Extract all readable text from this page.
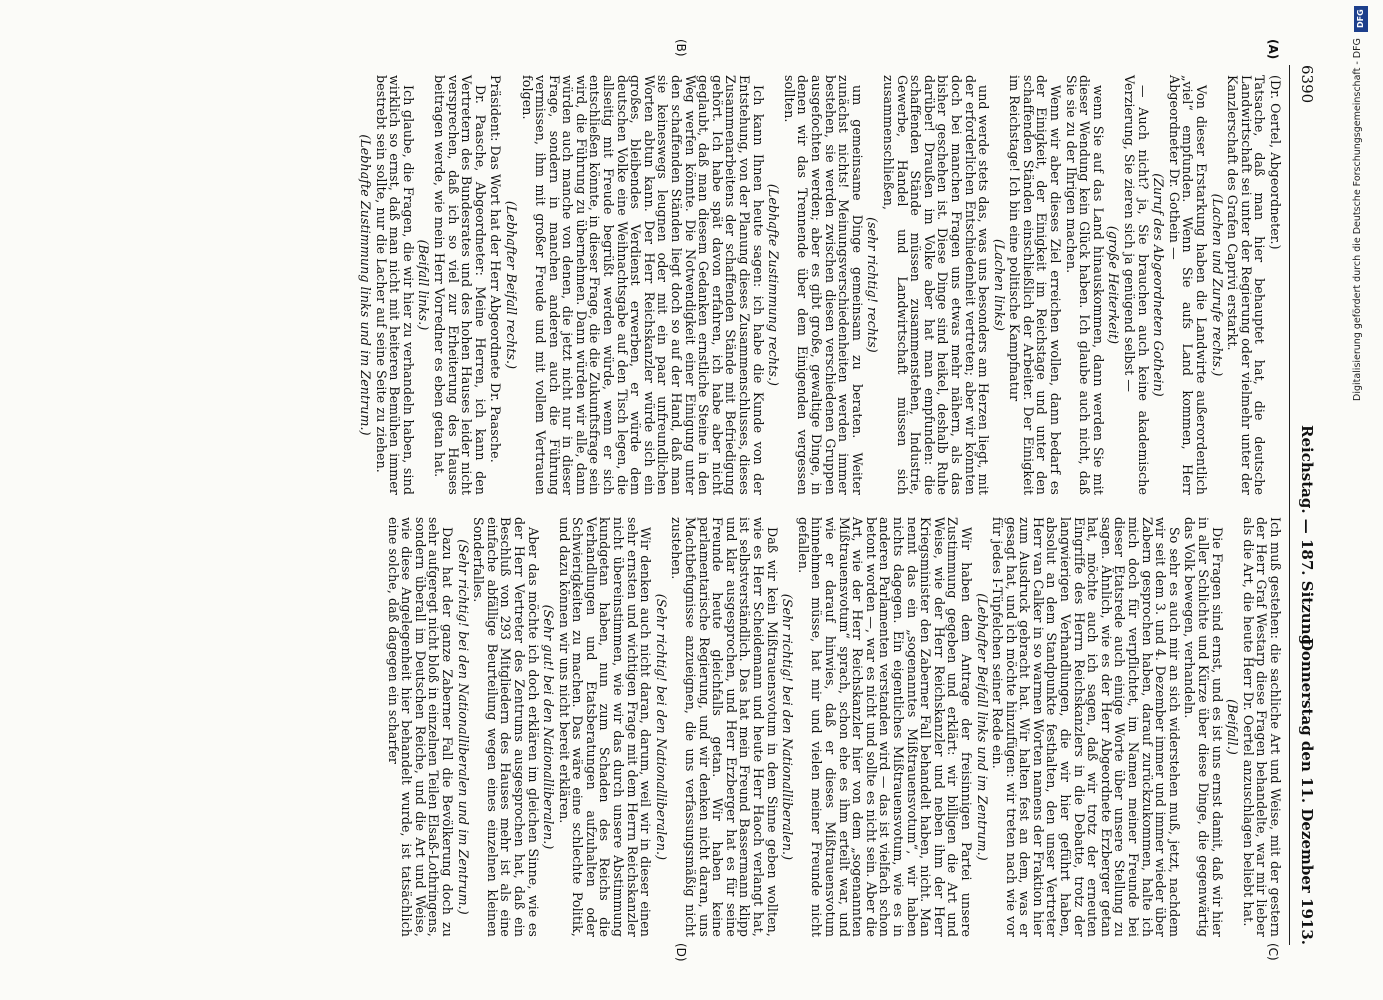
6390
Reichstag. — 187. Sitzung.
Donnerstag den 11. Dezember 1913.
(A)
(B)
(C)
(D)

(Dr. Oertel, Abgeordneter.)

Tatsache, daß man hier behauptet hat, die deutsche Landwirtschaft sei unter der Regierung oder vielmehr unter der Kanzlerschaft des Grafen Caprivi erstarkt.

(Lachen und Zurufe rechts.)

Von dieser Erstarkung haben die Landwirte außerordentlich „viel“ empfunden. Wenn Sie aufs Land kommen, Herr Abgeordneter Dr. Gothein —

(Zuruf des Abgeordneten Gothein)

— Auch nicht? ja, Sie brauchen auch keine akademische Verzierung, Sie zieren sich ja genügend selbst —

(große Heiterkeit)

wenn Sie auf das Land hinauskommen, dann werden Sie mit dieser Wendung kein Glück haben. Ich glaube auch nicht, daß Sie sie zu der Ihrigen machen.

Wenn wir aber dieses Ziel erreichen wollen, dann bedarf es der Einigkeit, der Einigkeit im Reichstage und unter den schaffenden Ständen einschließlich der Arbeiter. Der Einigkeit im Reichstage! Ich bin eine politische Kampfnatur

(Lachen links)

und werde stets das, was uns besonders am Herzen liegt, mit der erforderlichen Entschiedenheit vertreten; aber wir könnten doch bei manchen Fragen uns etwas mehr nähern, als das bisher geschehen ist. Diese Dinge sind heikel, deshalb Ruhe darüber! Draußen im Volke aber hat man empfunden: die schaffenden Stände müssen zusammenstehen, Industrie, Gewerbe, Handel und Landwirtschaft müssen sich zusammenschließen,

(sehr richtig! rechts)

um gemeinsame Dinge gemeinsam zu beraten. Weiter zunächst nichts! Meinungsverschiedenheiten werden immer bestehen, sie werden zwischen diesen verschiedenen Gruppen ausgefochten werden; aber es gibt große, gewaltige Dinge, in denen wir das Trennende über dem Einigenden vergessen sollten.

(Lebhafte Zustimmung rechts.)

Ich kann Ihnen heute sagen: ich habe die Kunde von der Entstehung, von der Planung dieses Zusammenschlusses, dieses Zusammenarbeitens der schaffenden Stände mit Befriedigung gehört. Ich habe spät davon erfahren, ich habe aber nicht geglaubt, daß man diesem Gedanken ernstliche Steine in den Weg werfen könnte. Die Notwendigkeit einer Einigung unter den schaffenden Ständen liegt doch so auf der Hand, daß man sie keineswegs leugnen oder mit ein paar unfreundlichen Worten abtun kann. Der Herr Reichskanzler würde sich ein großes, bleibendes Verdienst erwerben, er würde dem deutschen Volke eine Weihnachtsgabe auf den Tisch legen, die allseitig mit Freude begrüßt werden würde, wenn er sich entschließen könnte, in dieser Frage, die die Zukunftsfrage sein wird, die Führung zu übernehmen. Dann würden wir alle, dann würden auch manche von denen, die jetzt nicht nur in dieser Frage, sondern in manchen anderen auch die Führung vermissen, ihm mit großer Freude und mit vollem Vertrauen folgen.

(Lebhafter Beifall rechts.)

Präsident: Das Wort hat der Herr Abgeordnete Dr. Paasche.

Dr. Paasche, Abgeordneter: Meine Herren, ich kann den Vertretern des Bundesrates und des hohen Hauses leider nicht versprechen, daß ich so viel zur Erheiterung des Hauses beitragen werde, wie mein Herr Vorredner es eben getan hat.

(Beifall links.)

Ich glaube, die Fragen, die wir hier zu verhandeln haben, sind wirklich so ernst, daß man nicht mit heiteren Bemühen immer bestrebt sein sollte, nur die Lacher auf seine Seite zu ziehen.

(Lebhafte Zustimmung links und im Zentrum.)

Ich muß gestehen: die sachliche Art und Weise, mit der gestern der Herr Graf Westarp diese Fragen behandelte, war mir lieber als die Art, die heute Herr Dr. Oertel anzuschlagen beliebt hat.

(Beifall.)

Die Fragen sind ernst, und es ist uns ernst damit, daß wir hier in aller Schlichte und Kürze über diese Dinge, die gegenwärtig das Volk bewegen, verhandeln.

So sehr es auch mir an sich widerstehen muß, jetzt, nachdem wir seit dem 3. und 4. Dezember immer und immer wieder über Zabern gesprochen haben, darauf zurückzukommen, halte ich mich doch für verpflichtet, im Namen meiner Freunde bei dieser Etatsrede auch einige Worte über unsere Stellung zu sagen. Ähnlich, wie es der Herr Abgeordnete Erzberger getan hat, möchte auch ich sagen, daß wir trotz der erneuten Eingriffe des Herrn Reichskanzlers in die Debatte, trotz der langwierigen Verhandlungen, die wir hier geführt haben, absolut an dem Standpunkte festhalten, den unser Vertreter Herr van Calker in so warmen Worten namens der Fraktion hier zum Ausdruck gebracht hat. Wir halten fest an dem, was er gesagt hat, und ich möchte hinzufügen: wir treten nach wie vor für jedes I-Tüpfelchen seiner Rede ein.

(Lebhafter Beifall links und im Zentrum.)

Wir haben dem Antrage der freisinnigen Partei unsere Zustimmung gegeben und erklärt: wir billigen die Art und Weise, wie der Herr Reichskanzler und neben ihm der Herr Kriegsminister den Zaberner Fall behandelt haben, nicht. Man nennt das ein „sogenanntes Mißtrauensvotum“, wir haben nichts dagegen. Ein eigentliches Mißtrauensvotum, wie es in anderen Parlamenten verstanden wird — das ist vielfach schon betont worden —, war es nicht und sollte es nicht sein. Aber die Art, wie der Herr Reichskanzler hier von dem „sogenannten Mißtrauensvotum“ sprach, schon ehe es ihm erteilt war, und wie er darauf hinwies, daß er dieses Mißtrauensvotum hinnehmen müsse, hat mir und vielen meiner Freunde nicht gefallen.

(Sehr richtig! bei den Nationalliberalen.)

Daß wir kein Mißtrauensvotum in dem Sinne geben wollten, wie es Herr Scheidemann und heute Herr Haoch verlangt hat, ist selbstverständlich. Das hat mein Freund Bassermann klipp und klar ausgesprochen, und Herr Erzberger hat es für seine Freunde heute gleichfalls getan. Wir haben keine parlamentarische Regierung, und wir denken nicht daran, uns Machtbefugnisse anzueignen, die uns verfassungsmäßig nicht zustehen.

(Sehr richtig! bei den Nationalliberalen.)

Wir denken auch nicht daran, darum, weil wir in dieser einen sehr ernsten und wichtigen Frage mit dem Herrn Reichskanzler nicht übereinstimmen, wie wir das durch unsere Abstimmung kundgetan haben, nun zum Schaden des Reichs die Verhandlungen und Etatsberatungen aufzuhalten oder Schwierigkeiten zu machen. Das wäre eine schlechte Politik, und dazu können wir uns nicht bereit erklären.

(Sehr gut! bei den Nationalliberalen.)

Aber das möchte ich doch erklären im gleichen Sinne, wie es der Herr Vertreter des Zentrums ausgesprochen hat, daß ein Beschluß von 293 Mitgliedern des Hauses mehr ist als eine einfache abfällige Beurteilung wegen eines einzelnen kleinen Sonderfalles.

(Sehr richtig! bei den Nationalliberalen und im Zentrum.)

Dazu hat der ganze Zaberner Fall die Bevölkerung doch zu sehr aufgeregt nicht bloß in einzelnen Teilen Elsaß-Lothringens, sondern überall im Deutschen Reiche, und die Art und Weise, wie diese Angelegenheit hier behandelt wurde, ist tatsächlich eine solche, daß dagegen ein scharfer

DFG
Digitalisierung gefördert durch die Deutsche Forschungsgemeinschaft - DFG
